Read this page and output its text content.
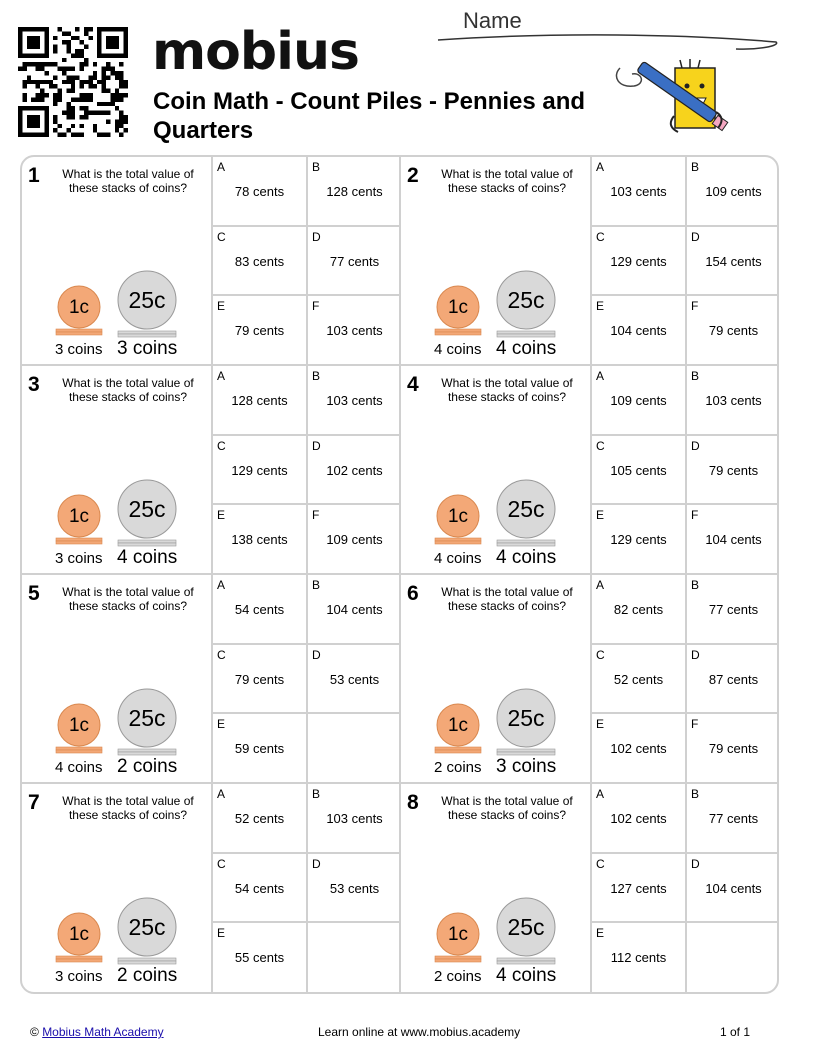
mobius
Coin Math - Count Piles - Pennies and Quarters
Name
1	What is the total value of these stacks of coins?
1c	25c
3 coins 3 coins
A
78 cents
B
128 cents
C
83 cents
D
77 cents
E
79 cents
F
103 cents
2	What is the total value of these stacks of coins?
1c	25c
4 coins 4 coins
A
103 cents
B
109 cents
C
129 cents
D
154 cents
E
104 cents
F
79 cents
3	What is the total value of these stacks of coins?
1c	25c
3 coins 4 coins
A
128 cents
B
103 cents
C
129 cents
D
102 cents
E
138 cents
F
109 cents
4	What is the total value of these stacks of coins?
1c	25c
4 coins 4 coins
A
109 cents
B
103 cents
C
105 cents
D
79 cents
E
129 cents
F
104 cents
5	What is the total value of these stacks of coins?
1c	25c
4 coins 2 coins
A
54 cents
B
104 cents
C
79 cents
D
53 cents
E
59 cents
6	What is the total value of these stacks of coins?
1c	25c
2 coins 3 coins
A
82 cents
B
77 cents
C
52 cents
D
87 cents
E
102 cents
F
79 cents
7	What is the total value of these stacks of coins?
1c	25c
3 coins 2 coins
A
52 cents
B
103 cents
C
54 cents
D
53 cents
E
55 cents
8	What is the total value of these stacks of coins?
1c	25c
2 coins 4 coins
A
102 cents
B
77 cents
C
127 cents
D
104 cents
E
112 cents
© Mobius Math Academy	Learn online at www.mobius.academy	1 of 1
